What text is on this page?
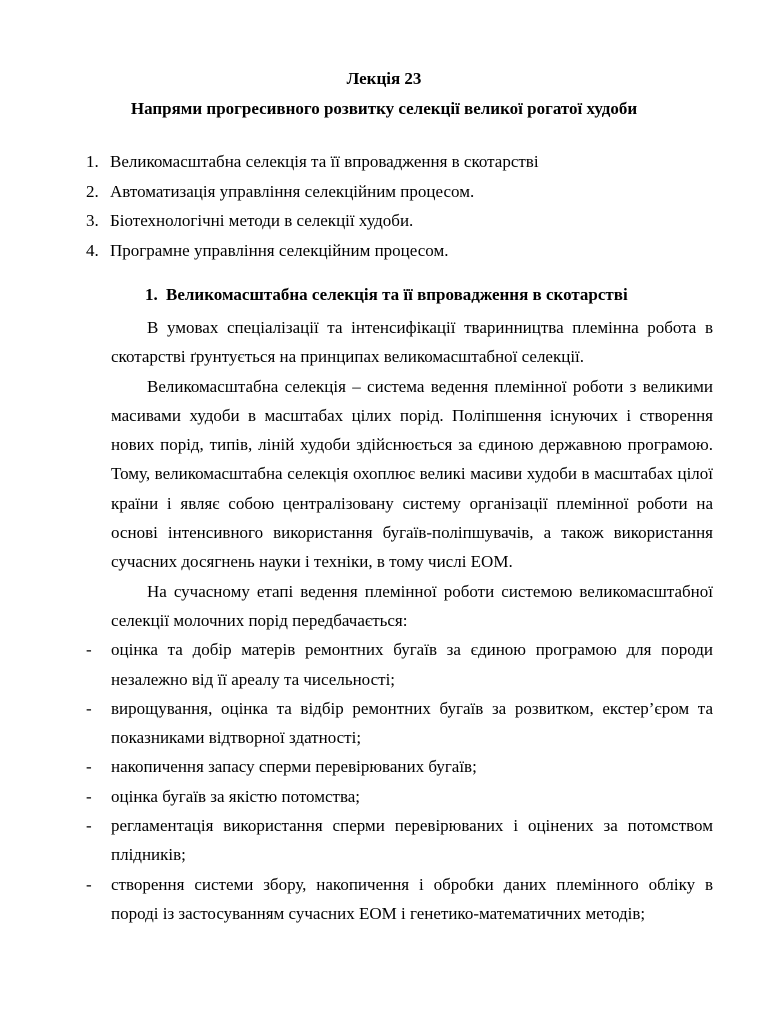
Лекція 23
Напрями прогресивного розвитку селекції великої рогатої худоби
1. Великомасштабна селекція та її впровадження в скотарстві
2. Автоматизація управління селекційним процесом.
3. Біотехнологічні методи в селекції худоби.
4. Програмне управління селекційним процесом.
1. Великомасштабна селекція та її впровадження в скотарстві

В умовах спеціалізації та інтенсифікації тваринництва племінна робота в скотарстві ґрунтується на принципах великомасштабної селекції.

Великомасштабна селекція – система ведення племінної роботи з великими масивами худоби в масштабах цілих порід. Поліпшення існуючих і створення нових порід, типів, ліній худоби здійснюється за єдиною державною програмою. Тому, великомасштабна селекція охоплює великі масиви худоби в масштабах цілої країни і являє собою централізовану систему організації племінної роботи на основі інтенсивного використання бугаїв-поліпшувачів, а також використання сучасних досягнень науки і техніки, в тому числі ЕОМ.

На сучасному етапі ведення племінної роботи системою великомасштабної селекції молочних порід передбачається:

- оцінка та добір матерів ремонтних бугаїв за єдиною програмою для породи незалежно від її ареалу та чисельності;
- вирощування, оцінка та відбір ремонтних бугаїв за розвитком, екстер’єром та показниками відтворної здатності;
- накопичення запасу сперми перевірюваних бугаїв;
- оцінка бугаїв за якістю потомства;
- регламентація використання сперми перевірюваних і оцінених за потомством плідників;
- створення системи збору, накопичення і обробки даних племінного обліку в породі із застосуванням сучасних ЕОМ і генетико-математичних методів;
